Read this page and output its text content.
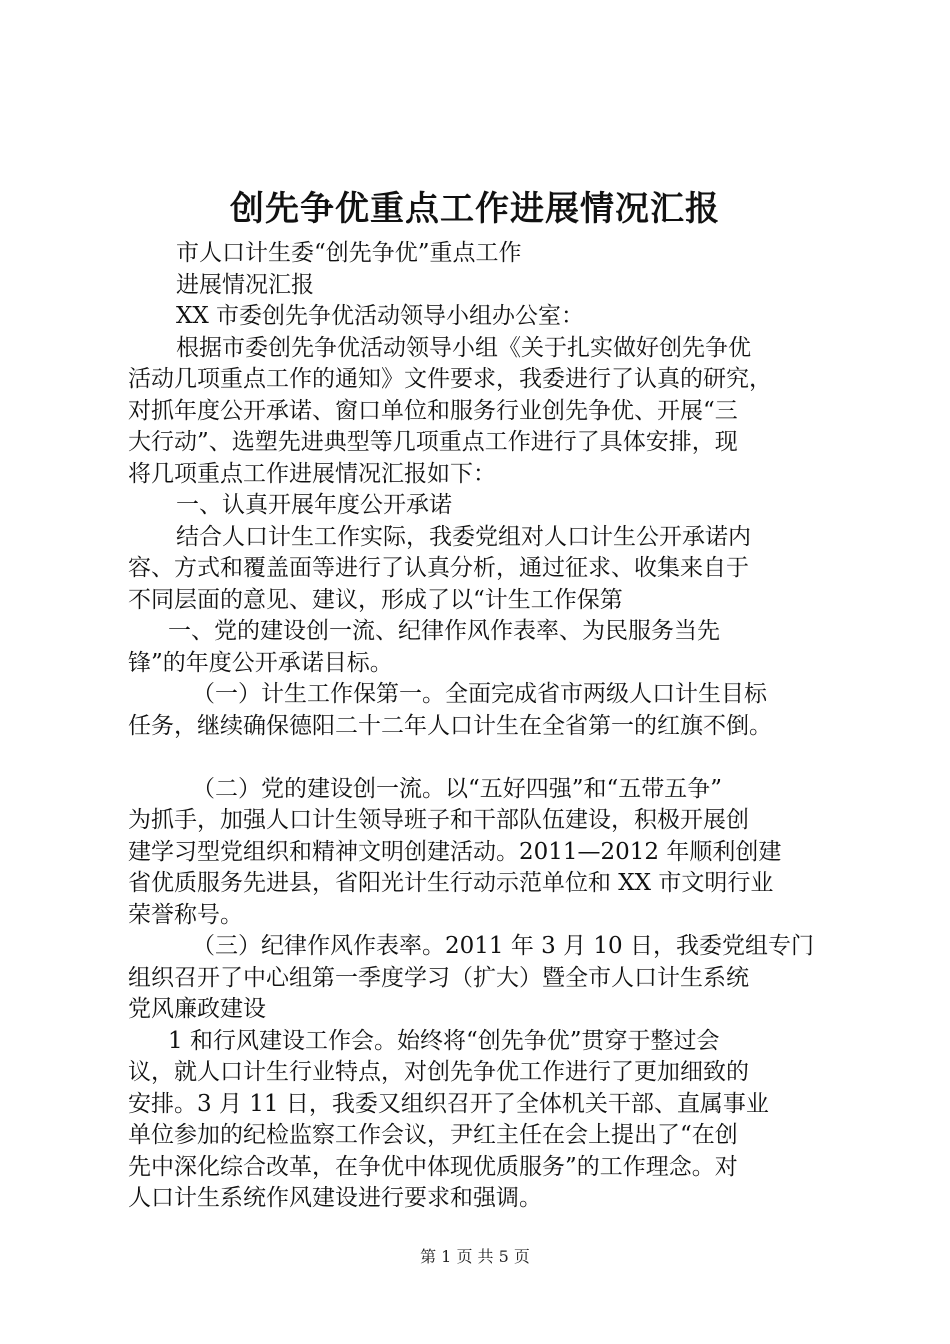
创先争优重点工作进展情况汇报

市人口计生委“创先争优”重点工作

进展情况汇报

XX 市委创先争优活动领导小组办公室：

根据市委创先争优活动领导小组《关于扎实做好创先争优

活动几项重点工作的通知》文件要求，我委进行了认真的研究，

对抓年度公开承诺、窗口单位和服务行业创先争优、开展“三

大行动”、选塑先进典型等几项重点工作进行了具体安排，现

将几项重点工作进展情况汇报如下：

一、认真开展年度公开承诺

结合人口计生工作实际，我委党组对人口计生公开承诺内

容、方式和覆盖面等进行了认真分析，通过征求、收集来自于

不同层面的意见、建议，形成了以“计生工作保第

一、党的建设创一流、纪律作风作表率、为民服务当先

锋”的年度公开承诺目标。

（一）计生工作保第一。全面完成省市两级人口计生目标

任务，继续确保德阳二十二年人口计生在全省第一的红旗不倒。

（二）党的建设创一流。以“五好四强”和“五带五争”

为抓手，加强人口计生领导班子和干部队伍建设，积极开展创

建学习型党组织和精神文明创建活动。2011—2012 年顺利创建

省优质服务先进县，省阳光计生行动示范单位和 XX 市文明行业

荣誉称号。

（三）纪律作风作表率。2011 年 3 月 10 日，我委党组专门

组织召开了中心组第一季度学习（扩大）暨全市人口计生系统

党风廉政建设

1 和行风建设工作会。始终将“创先争优”贯穿于整过会

议，就人口计生行业特点，对创先争优工作进行了更加细致的

安排。3 月 11 日，我委又组织召开了全体机关干部、直属事业

单位参加的纪检监察工作会议，尹红主任在会上提出了“在创

先中深化综合改革，在争优中体现优质服务”的工作理念。对

人口计生系统作风建设进行要求和强调。

第 1 页 共 5 页
